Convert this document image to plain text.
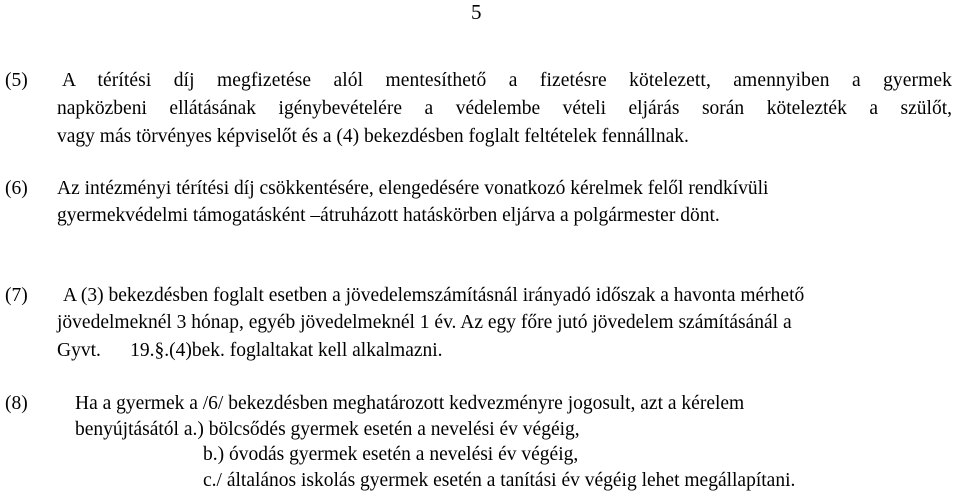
5
(5) A térítési díj megfizetése alól mentesíthető a fizetésre kötelezett, amennyiben a gyermek
napközbeni ellátásának igénybevételére a védelembe vételi eljárás során kötelezték a szülőt,
vagy más törvényes képviselőt és a (4) bekezdésben foglalt feltételek fennállnak.
(6) Az intézményi térítési díj csökkentésére, elengedésére vonatkozó kérelmek felől rendkívüli
gyermekvédelmi támogatásként –átruházott hatáskörben eljárva a polgármester dönt.
(7) A (3) bekezdésben foglalt esetben a jövedelemszámításnál irányadó időszak a havonta mérhető
jövedelmeknél 3 hónap, egyéb jövedelmeknél 1 év. Az egy főre jutó jövedelem számításánál a
Gyvt.      19.§.(4)bek. foglaltakat kell alkalmazni.
(8) Ha a gyermek a /6/ bekezdésben meghatározott kedvezményre jogosult, azt a kérelem
benyújtásától a.) bölcsődés gyermek esetén a nevelési év végéig,
b.) óvodás gyermek esetén a nevelési év végéig,
c./ általános iskolás gyermek esetén a tanítási év végéig lehet megállapítani.
